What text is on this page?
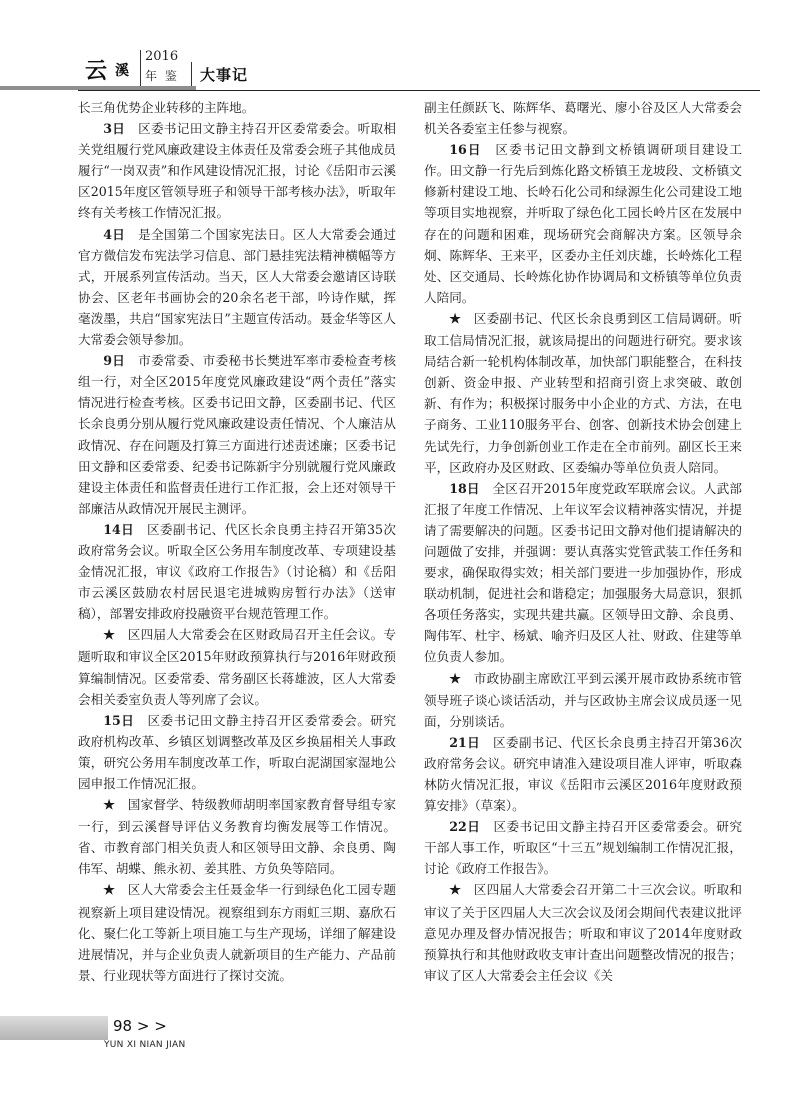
云 溪
2016
年 鉴 大事记

长三角优势企业转移的主阵地。

3日  区委书记田文静主持召开区委常委会。听取相关党组履行党风廉政建设主体责任及常委会班子其他成员履行“一岗双责”和作风建设情况汇报，讨论《岳阳市云溪区2015年度区管领导班子和领导干部考核办法》，听取年终有关考核工作情况汇报。

4日  是全国第二个国家宪法日。区人大常委会通过官方微信发布宪法学习信息、部门悬挂宪法精神横幅等方式，开展系列宣传活动。当天，区人大常委会邀请区诗联协会、区老年书画协会的20余名老干部，吟诗作赋，挥毫泼墨，共启“国家宪法日”主题宣传活动。聂金华等区人大常委会领导参加。

9日  市委常委、市委秘书长樊进军率市委检查考核组一行，对全区2015年度党风廉政建设“两个责任”落实情况进行检查考核。区委书记田文静，区委副书记、代区长余良勇分别从履行党风廉政建设责任情况、个人廉洁从政情况、存在问题及打算三方面进行述责述廉；区委书记田文静和区委常委、纪委书记陈新宇分别就履行党风廉政建设主体责任和监督责任进行工作汇报，会上还对领导干部廉洁从政情况开展民主测评。

14日  区委副书记、代区长余良勇主持召开第35次政府常务会议。听取全区公务用车制度改革、专项建设基金情况汇报，审议《政府工作报告》（讨论稿）和《岳阳市云溪区鼓励农村居民退宅进城购房暂行办法》（送审稿），部署安排政府投融资平台规范管理工作。

★  区四届人大常委会在区财政局召开主任会议。专题听取和审议全区2015年财政预算执行与2016年财政预算编制情况。区委常委、常务副区长蒋雄波，区人大常委会相关委室负责人等列席了会议。

15日  区委书记田文静主持召开区委常委会。研究政府机构改革、乡镇区划调整改革及区乡换届相关人事政策，研究公务用车制度改革工作，听取白泥湖国家湿地公园申报工作情况汇报。

★  国家督学、特级教师胡明率国家教育督导组专家一行，到云溪督导评估义务教育均衡发展等工作情况。省、市教育部门相关负责人和区领导田文静、余良勇、陶伟军、胡蝶、熊永初、姜其胜、方负奂等陪同。

★  区人大常委会主任聂金华一行到绿色化工园专题视察新上项目建设情况。视察组到东方雨虹三期、嘉欣石化、聚仁化工等新上项目施工与生产现场，详细了解建设进展情况，并与企业负责人就新项目的生产能力、产品前景、行业现状等方面进行了探讨交流。

副主任颜跃飞、陈辉华、葛曙光、廖小谷及区人大常委会机关各委室主任参与视察。

16日  区委书记田文静到文桥镇调研项目建设工作。田文静一行先后到炼化路文桥镇王龙坡段、文桥镇文修新村建设工地、长岭石化公司和绿源生化公司建设工地等项目实地视察，并听取了绿色化工园长岭片区在发展中存在的问题和困难，现场研究会商解决方案。区领导余炯、陈辉华、王来平，区委办主任刘庆雄，长岭炼化工程处、区交通局、长岭炼化协作协调局和文桥镇等单位负责人陪同。

★  区委副书记、代区长余良勇到区工信局调研。听取工信局情况汇报，就该局提出的问题进行研究。要求该局结合新一轮机构体制改革，加快部门职能整合，在科技创新、资金申报、产业转型和招商引资上求突破、敢创新、有作为；积极探讨服务中小企业的方式、方法，在电子商务、工业110服务平台、创客、创新技术协会创建上先试先行，力争创新创业工作走在全市前列。副区长王来平，区政府办及区财政、区委编办等单位负责人陪同。

18日  全区召开2015年度党政军联席会议。人武部汇报了年度工作情况、上年议军会议精神落实情况，并提请了需要解决的问题。区委书记田文静对他们提请解决的问题做了安排，并强调：要认真落实党管武装工作任务和要求，确保取得实效；相关部门要进一步加强协作，形成联动机制，促进社会和谐稳定；加强服务大局意识，狠抓各项任务落实，实现共建共赢。区领导田文静、余良勇、陶伟军、杜宇、杨斌、喻齐归及区人社、财政、住建等单位负责人参加。

★  市政协副主席欧江平到云溪开展市政协系统市管领导班子谈心谈话活动，并与区政协主席会议成员逐一见面，分别谈话。

21日  区委副书记、代区长余良勇主持召开第36次政府常务会议。研究申请准入建设项目准人评审，听取森林防火情况汇报，审议《岳阳市云溪区2016年度财政预算安排》（草案）。

22日  区委书记田文静主持召开区委常委会。研究干部人事工作，听取区“十三五”规划编制工作情况汇报，讨论《政府工作报告》。

★  区四届人大常委会召开第二十三次会议。听取和审议了关于区四届人大三次会议及闭会期间代表建议批评意见办理及督办情况报告；听取和审议了2014年度财政预算执行和其他财政收支审计查出问题整改情况的报告；审议了区人大常委会主任会议《关

98 > >
YUN XI NIAN JIAN
